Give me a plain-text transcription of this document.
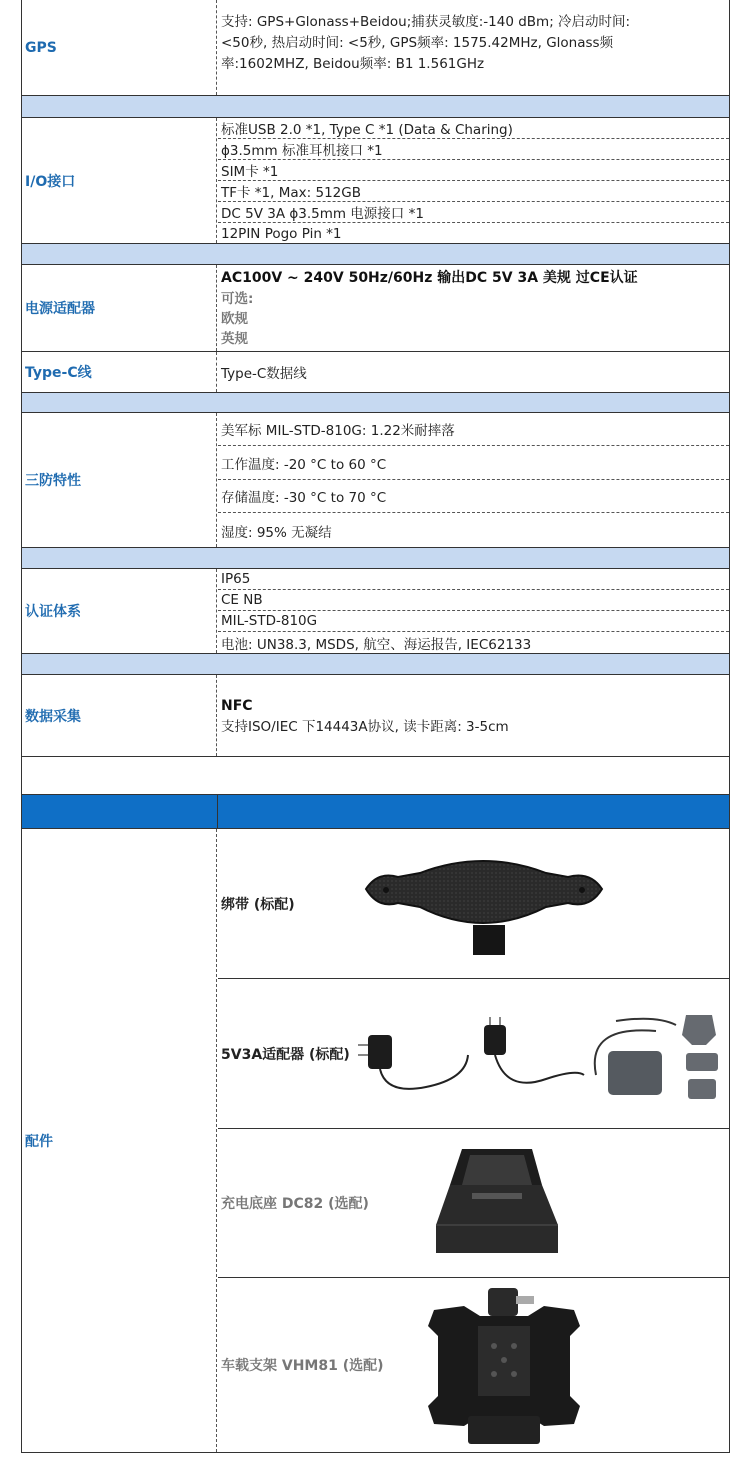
GPS
支持: GPS+Glonass+Beidou;捕获灵敏度:-140 dBm; 冷启动时间:
<50秒, 热启动时间: <5秒, GPS频率: 1575.42MHz, Glonass频
率:1602MHZ, Beidou频率: B1 1.561GHz
I/O接口
标准USB 2.0 *1, Type C *1 (Data & Charing)
ϕ3.5mm 标准耳机接口 *1
SIM卡 *1
TF卡 *1, Max: 512GB
DC 5V 3A ϕ3.5mm 电源接口 *1
12PIN Pogo Pin *1
电源适配器
AC100V ~ 240V 50Hz/60Hz 输出DC 5V 3A 美规 过CE认证
可选:
欧规
英规
Type-C线	Type-C数据线
三防特性
美军标 MIL-STD-810G: 1.22米耐摔落
工作温度: -20 °C to 60 °C
存储温度: -30 °C to 70 °C
湿度: 95% 无凝结
认证体系
IP65
CE NB
MIL-STD-810G
电池: UN38.3, MSDS, 航空、海运报告, IEC62133
数据采集
NFC
支持ISO/IEC 下14443A协议, 读卡距离: 3-5cm
配件
绑带 (标配)
5V3A适配器 (标配)
充电底座 DC82 (选配)
车载支架 VHM81 (选配)
